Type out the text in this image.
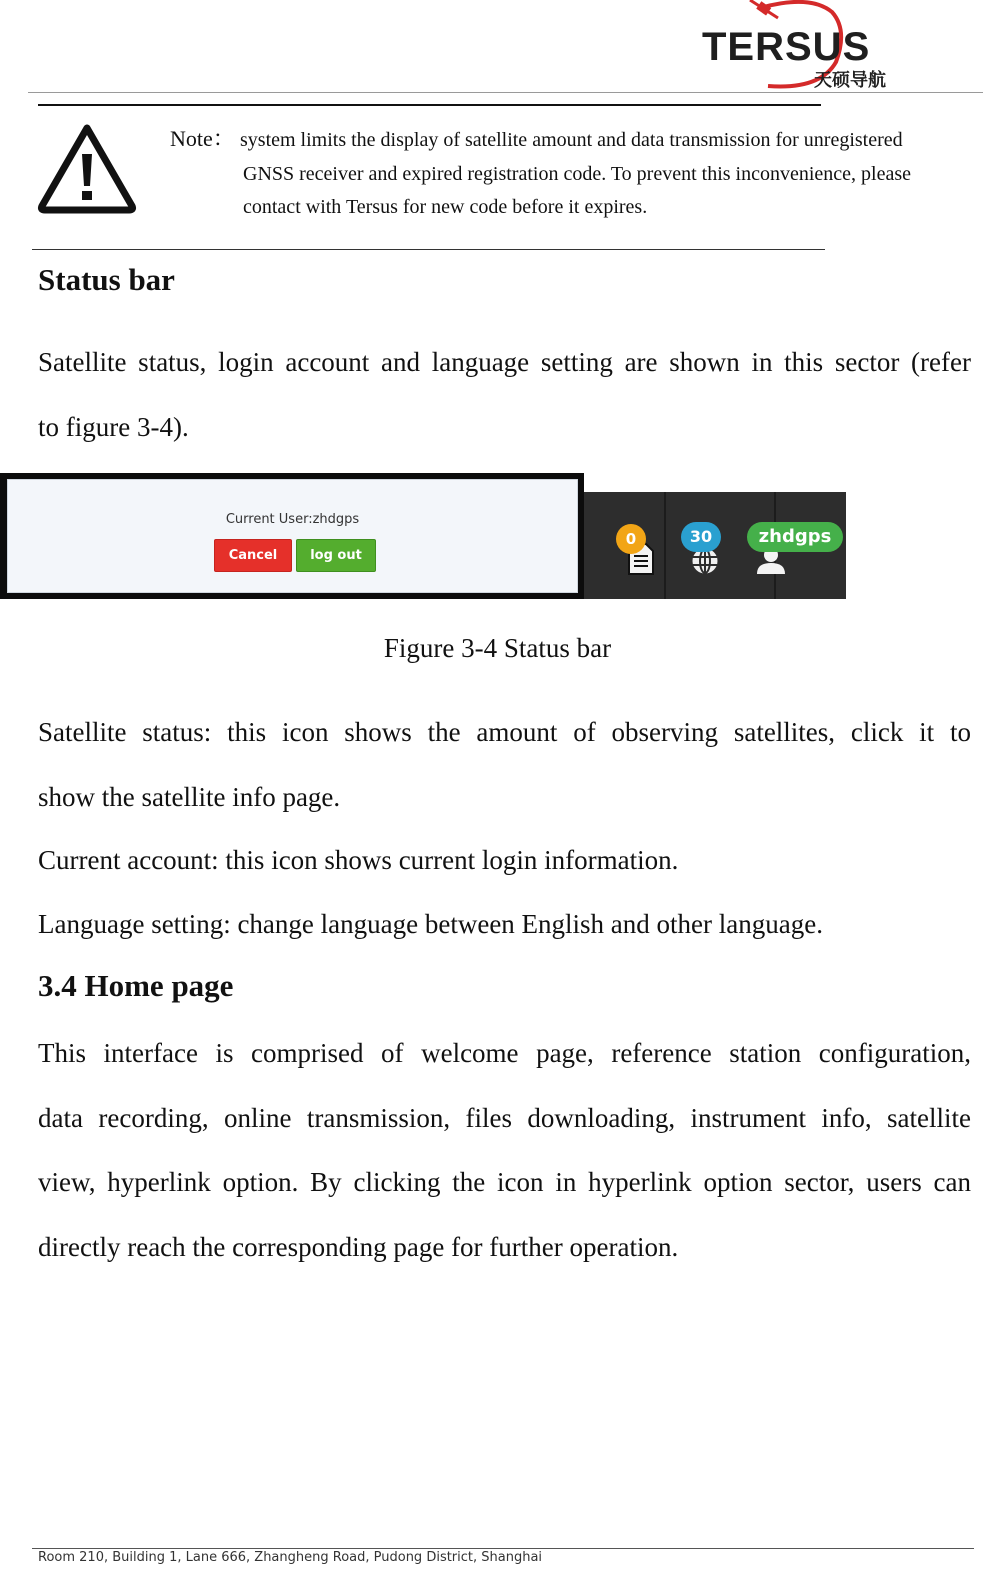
TERSUS
天硕导航
Note： system limits the display of satellite amount and data transmission for unregistered
GNSS receiver and expired registration code. To prevent this inconvenience, please
contact with Tersus for new code before it expires.
Status bar
Satellite status, login account and language setting are shown in this sector (refer
to figure 3-4).
Current User:zhdgps
Cancel	log out
0	30	zhdgps
Figure 3-4 Status bar
Satellite status: this icon shows the amount of observing satellites, click it to
show the satellite info page.
Current account: this icon shows current login information.
Language setting: change language between English and other language.
3.4 Home page
This interface is comprised of welcome page, reference station configuration,
data recording, online transmission, files downloading, instrument info, satellite
view, hyperlink option. By clicking the icon in hyperlink option sector, users can
directly reach the corresponding page for further operation.
Room 210, Building 1, Lane 666, Zhangheng Road, Pudong District, Shanghai
